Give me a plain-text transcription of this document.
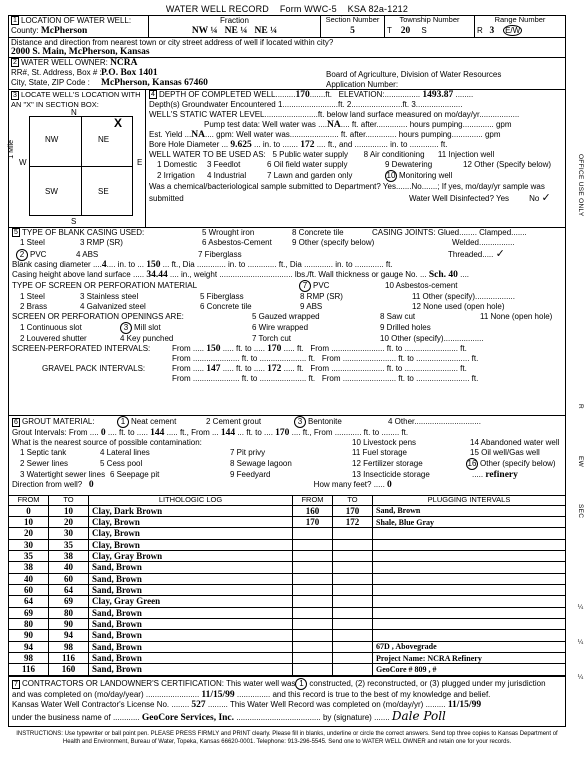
WATER WELL RECORD Form WWC-5 KSA 82a-1212
1 LOCATION OF WATER WELL:
County: McPherson
Fraction
NW ¼ NE ¼ NE ¼
Section Number
5
Township Number
T 20 S
Range Number
R 3 E/W
Distance and direction from nearest town or city street address of well if located within city?
2000 S. Main, McPherson, Kansas
2 WATER WELL OWNER: NCRA
RR#, St. Address, Box # :P.O. Box 1401
City, State, ZIP Code : McPherson, Kansas 67460
Board of Agriculture, Division of Water Resources
Application Number:
3 LOCATE WELL'S LOCATION WITH AN "X" IN SECTION BOX:
N
S
W	E
1 Mile
NW	NE
SW	SE
X
4 DEPTH OF COMPLETED WELL.........170.......ft. ELEVATION:................ 1493.87 ........
Depth(s) Groundwater Encountered 1.........................ft. 2.......................ft. 3.....................
WELL'S STATIC WATER LEVEL........................ft. below land surface measured on mo/day/yr..................
Pump test data: Well water was ....NA.... ft. after.............. hours pumping.............. gpm
Est. Yield ...NA.... gpm: Well water was...................... ft. after.............. hours pumping.............. gpm
Bore Hole Diameter ... 9.625 ... in. to ....... 172 .... ft., and ............... in. to ............. ft.
WELL WATER TO BE USED AS: 5 Public water supply 8 Air conditioning 11 Injection well
1 Domestic 3 Feedlot	6 Oil field water supply	9 Dewatering	12 Other (Specify below)
2 Irrigation 4 Industrial	7 Lawn and garden only	10 Monitoring well
Was a chemical/bacteriological sample submitted to Department? Yes.......No.......; If yes, mo/day/yr sample was
submitted	Water Well Disinfected? Yes	No ✓
5 TYPE OF BLANK CASING USED:	5 Wrought iron	8 Concrete tile	CASING JOINTS: Glued........ Clamped.......
1 Steel	3 RMP (SR)	6 Asbestos-Cement	9 Other (specify below)	Welded................
2 PVC	4 ABS	7 Fiberglass	Threaded..... ✓
Blank casing diameter ....4.... in. to ... 150 ... ft., Dia ............. in. to ............. ft., Dia ............. in. to ............. ft.
Casing height above land surface ..... 34.44 .... in., weight ................................. lbs./ft. Wall thickness or gauge No. ... Sch. 40 ....
TYPE OF SCREEN OR PERFORATION MATERIAL	7 PVC	10 Asbestos-cement
1 Steel	3 Stainless steel	5 Fiberglass	8 RMP (SR)	11 Other (specify)..................
2 Brass	4 Galvanized steel	6 Concrete tile	9 ABS	12 None used (open hole)
SCREEN OR PERFORATION OPENINGS ARE:	5 Gauzed wrapped	8 Saw cut	11 None (open hole)
1 Continuous slot	3 Mill slot	6 Wire wrapped	9 Drilled holes
2 Louvered shutter	4 Key punched	7 Torch cut	10 Other (specify)..................
SCREEN-PERFORATED INTERVALS:	From ..... 150 ..... ft. to ..... 170 ..... ft. From ........................ ft. to ........................ ft.
From ..................... ft. to ..................... ft. From ........................ ft. to ........................ ft.
GRAVEL PACK INTERVALS:	From ..... 147 ..... ft. to ..... 172 ..... ft. From ........................ ft. to ........................ ft.
From ..................... ft. to ..................... ft. From ........................ ft. to ........................ ft.
6 GROUT MATERIAL:	1 Neat cement	2 Cement grout	3 Bentonite	4 Other..............................
Grout Intervals: From .... 0 .... ft. to ..... 144 ..... ft., From ... 144 ... ft. to .... 170 .... ft., From ............ ft. to ........ ft.
What is the nearest source of possible contamination:	10 Livestock pens	14 Abandoned water well
1 Septic tank	4 Lateral lines	7 Pit privy	11 Fuel storage	15 Oil well/Gas well
2 Sewer lines	5 Cess pool	8 Sewage lagoon	12 Fertilizer storage	16 Other (specify below)
3 Watertight sewer lines 6 Seepage pit	9 Feedyard	13 Insecticide storage	..... refinery
Direction from well? 0	How many feet? ..... 0
FROM	TO	LITHOLOGIC LOG	FROM	TO	PLUGGING INTERVALS
0	10	Clay, Dark Brown	160	170	Sand, Brown
10	20	Clay, Brown	170	172	Shale, Blue Gray
20	30	Clay, Brown			
30	35	Clay, Brown			
35	38	Clay, Gray Brown			
38	40	Sand, Brown			
40	60	Sand, Brown			
60	64	Sand, Brown			
64	69	Clay, Gray Green			
69	80	Sand, Brown			
80	90	Sand, Brown			
90	94	Sand, Brown			
94	98	Sand, Brown			67D , Abovegrade
98	116	Sand, Brown			Project Name: NCRA Refinery
116	160	Sand, Brown			GeoCore # 809 , #
7 CONTRACTORS OR LANDOWNER'S CERTIFICATION: This water well was 1 constructed, (2) reconstructed, or (3) plugged under my jurisdiction
and was completed on (mo/day/year) ........................ 11/15/99 ............... and this record is true to the best of my knowledge and belief.
Kansas Water Well Contractor's License No. ........ 527 ......... This Water Well Record was completed on (mo/day/yr) ......... 11/15/99
under the business name of ............ GeoCore Services, Inc. ...................................... by (signature) ....... Dale Poll
OFFICE USE ONLY
R
EW
SEC
¼
¼
¼
INSTRUCTIONS: Use typewriter or ball point pen. PLEASE PRESS FIRMLY and PRINT clearly. Please fill in blanks, underline or circle the correct answers. Send top three copies to Kansas Department of Health and Environment, Bureau of Water, Topeka, Kansas 66620-0001. Telephone: 913-296-5545. Send one to WATER WELL OWNER and retain one for your records.
